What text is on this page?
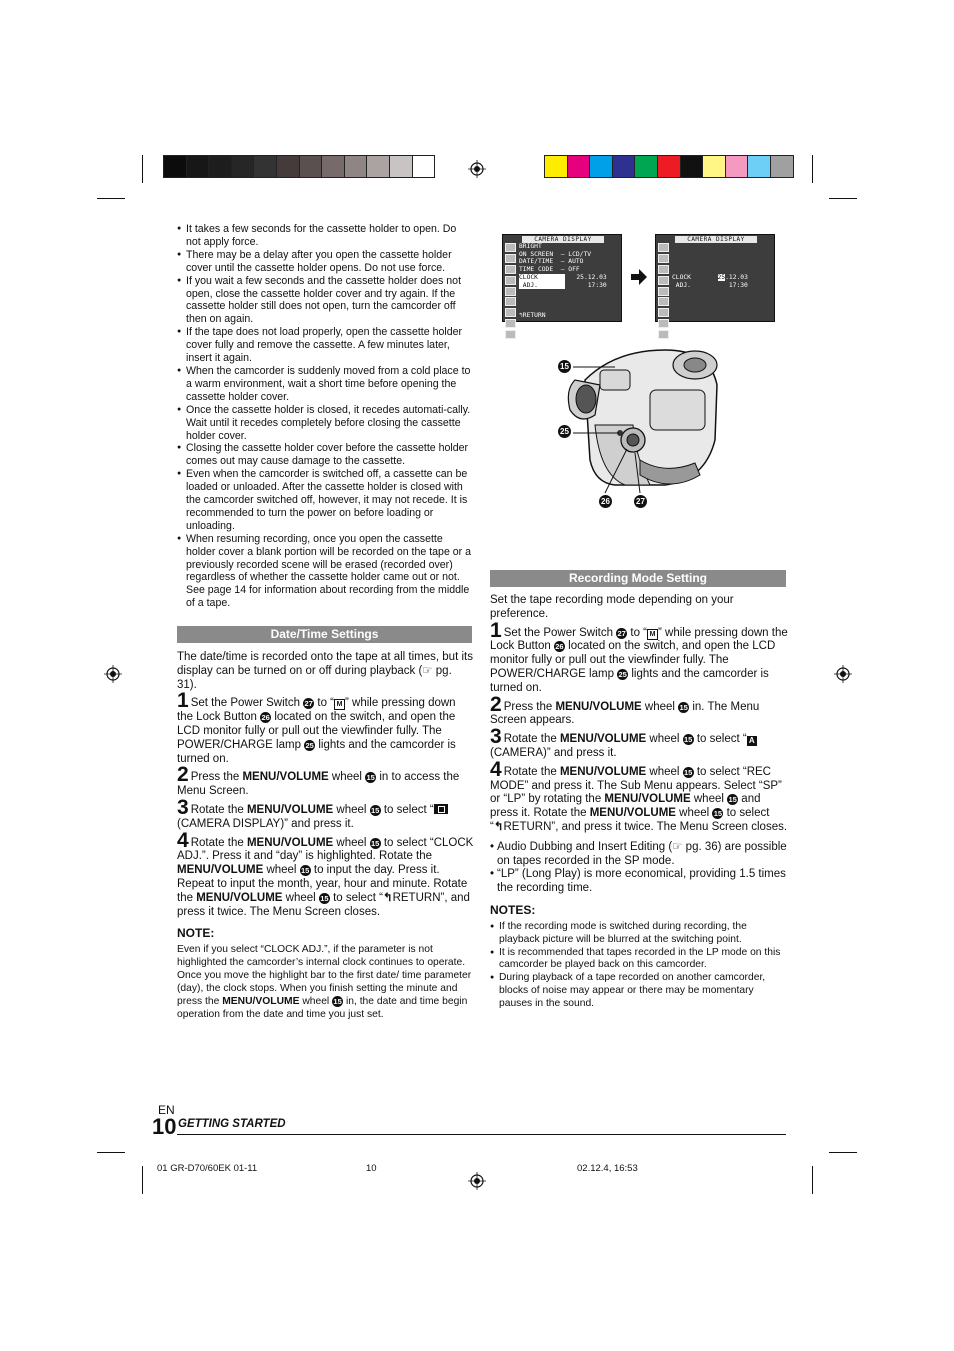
● It takes a few seconds for the cassette holder to open. Do not apply force.
● There may be a delay after you open the cassette holder cover until the cassette holder opens. Do not use force.
● If you wait a few seconds and the cassette holder does not open, close the cassette holder cover and try again. If the cassette holder still does not open, turn the camcorder off then on again.
● If the tape does not load properly, open the cassette holder cover fully and remove the cassette. A few minutes later, insert it again.
● When the camcorder is suddenly moved from a cold place to a warm environment, wait a short time before opening the cassette holder cover.
● Once the cassette holder is closed, it recedes automati-cally. Wait until it recedes completely before closing the cassette holder cover.
● Closing the cassette holder cover before the cassette holder comes out may cause damage to the cassette.
● Even when the camcorder is switched off, a cassette can be loaded or unloaded. After the cassette holder is closed with the camcorder switched off, however, it may not recede. It is recommended to turn the power on before loading or unloading.
● When resuming recording, once you open the cassette holder cover a blank portion will be recorded on the tape or a previously recorded scene will be erased (recorded over) regardless of whether the cassette holder came out or not. See page 14 for information about recording from the middle of a tape.
Date/Time Settings

The date/time is recorded onto the tape at all times, but its display can be turned on or off during playback (☞ pg. 31).

1 Set the Power Switch 27 to “ M ” while pressing down the Lock Button 26 located on the switch, and open the LCD monitor fully or pull out the viewfinder fully. The POWER/CHARGE lamp 25 lights and the camcorder is turned on.

2 Press the MENU/VOLUME wheel 15 in to access the Menu Screen.

3 Rotate the MENU/VOLUME wheel 15 to select “ (CAMERA DISPLAY)” and press it.

4 Rotate the MENU/VOLUME wheel 15 to select “CLOCK ADJ.”. Press it and “day” is highlighted. Rotate the MENU/VOLUME wheel 15 to input the day. Press it. Repeat to input the month, year, hour and minute. Rotate the MENU/VOLUME wheel 15 to select “↰RETURN”, and press it twice. The Menu Screen closes.

NOTE:

Even if you select “CLOCK ADJ.”, if the parameter is not highlighted the camcorder’s internal clock continues to operate. Once you move the highlight bar to the first date/ time parameter (day), the clock stops. When you finish setting the minute and press the MENU/VOLUME wheel 15 in, the date and time begin operation from the date and time you just set.

CAMERA DISPLAY
BRIGHT
ON SCREEN  – LCD/TV
DATE/TIME  – AUTO
TIME CODE  – OFF
CLOCK	25.12.03
ADJ.	17:30
↰RETURN
CAMERA DISPLAY
CLOCK	25.12.03
ADJ.	17:30
15
25
26	27
Recording Mode Setting

Set the tape recording mode depending on your preference.

1 Set the Power Switch 27 to “ M ” while pressing down the Lock Button 26 located on the switch, and open the LCD monitor fully or pull out the viewfinder fully. The POWER/CHARGE lamp 25 lights and the camcorder is turned on.

2 Press the MENU/VOLUME wheel 15 in. The Menu Screen appears.

3 Rotate the MENU/VOLUME wheel 15 to select “ A (CAMERA)” and press it.

4 Rotate the MENU/VOLUME wheel 15 to select “REC MODE” and press it. The Sub Menu appears. Select “SP” or “LP” by rotating the MENU/VOLUME wheel 15 and press it. Rotate the MENU/VOLUME wheel 15 to select “↰RETURN”, and press it twice. The Menu Screen closes.

• Audio Dubbing and Insert Editing (☞ pg. 36) are possible on tapes recorded in the SP mode.
• “LP” (Long Play) is more economical, providing 1.5 times the recording time.
NOTES:
● If the recording mode is switched during recording, the playback picture will be blurred at the switching point.
● It is recommended that tapes recorded in the LP mode on this camcorder be played back on this camcorder.
● During playback of a tape recorded on another camcorder, blocks of noise may appear or there may be momentary pauses in the sound.
EN
10 GETTING STARTED
01 GR-D70/60EK 01-11	10	02.12.4, 16:53
